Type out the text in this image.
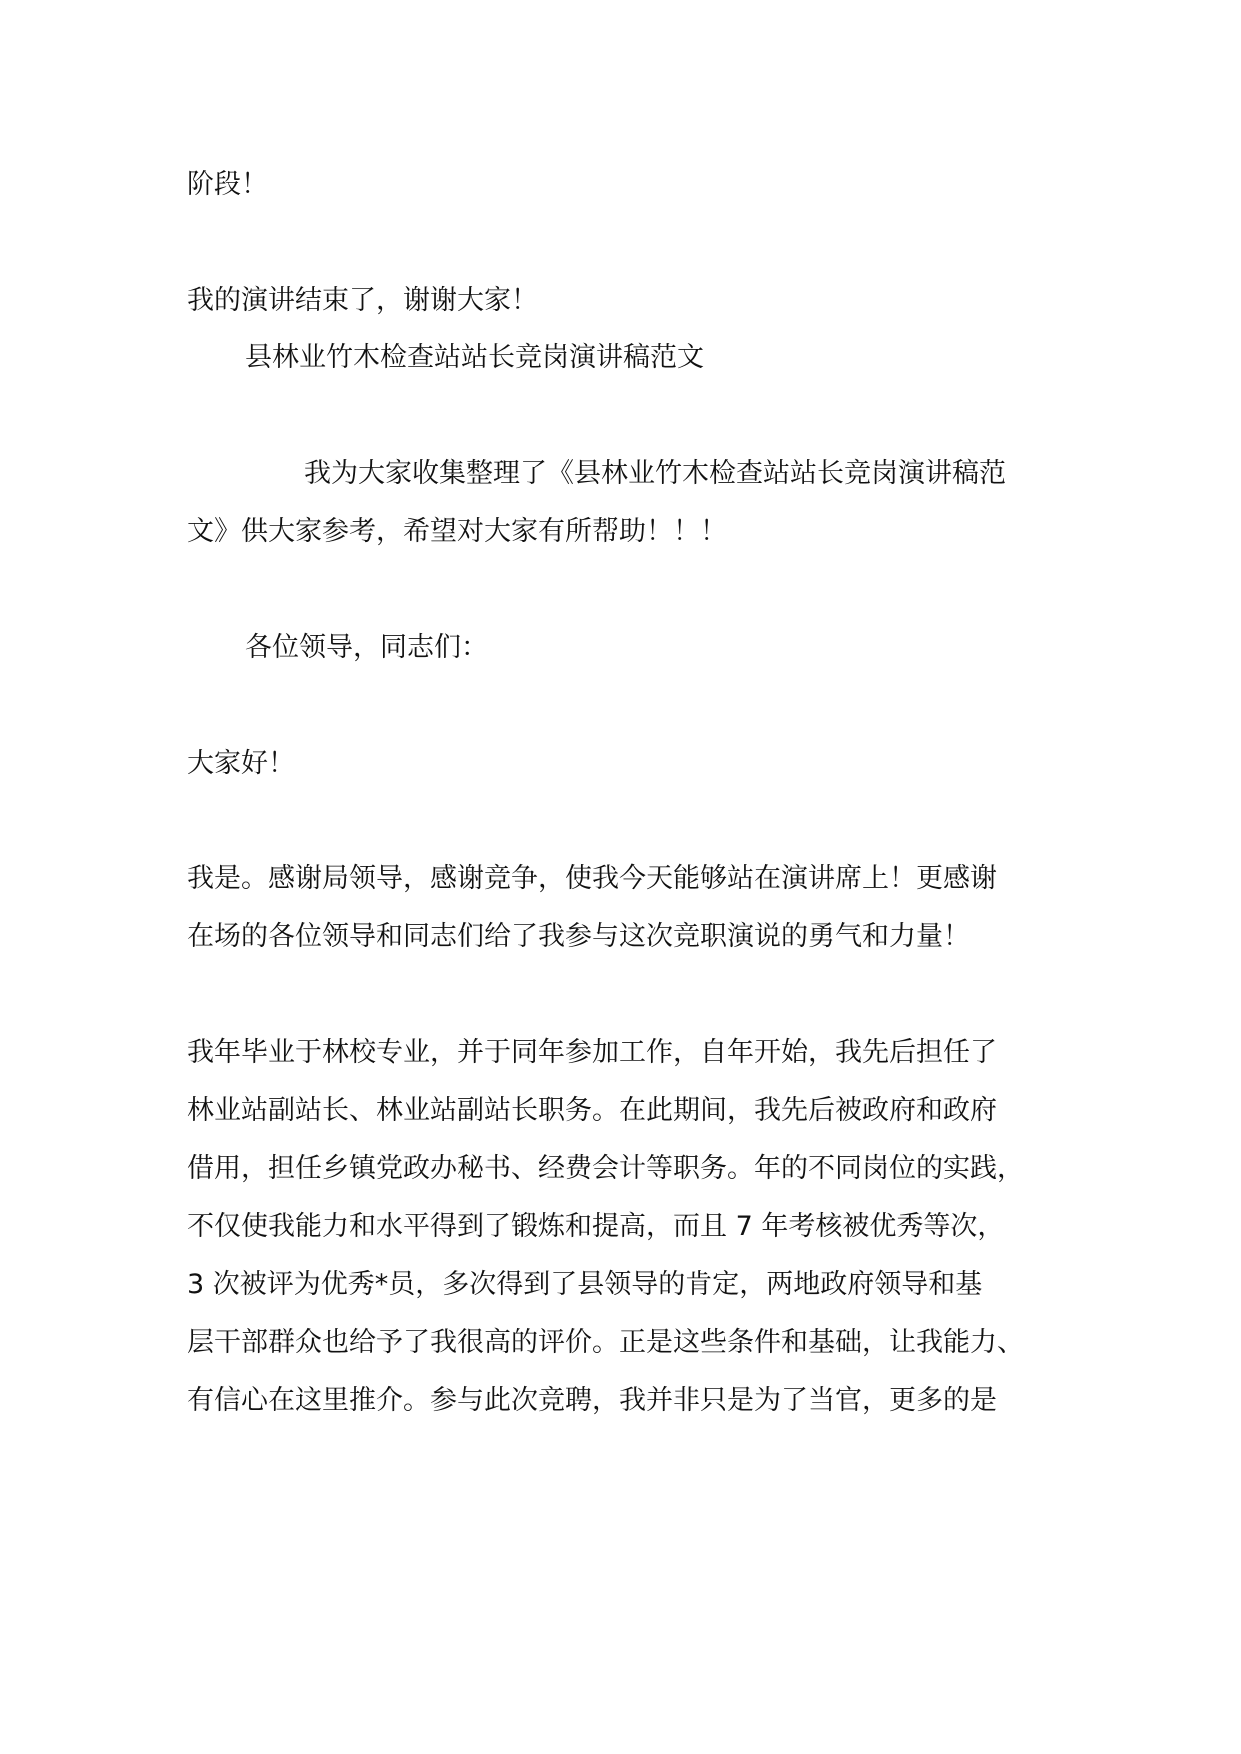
阶段！
我的演讲结束了，谢谢大家！
县林业竹木检查站站长竞岗演讲稿范文
我为大家收集整理了《县林业竹木检查站站长竞岗演讲稿范
文》供大家参考，希望对大家有所帮助！！！
各位领导，同志们：
大家好！
我是。感谢局领导，感谢竞争，使我今天能够站在演讲席上！更感谢
在场的各位领导和同志们给了我参与这次竞职演说的勇气和力量！
我年毕业于林校专业，并于同年参加工作，自年开始，我先后担任了
林业站副站长、林业站副站长职务。在此期间，我先后被政府和政府
借用，担任乡镇党政办秘书、经费会计等职务。年的不同岗位的实践，
不仅使我能力和水平得到了锻炼和提高，而且 7 年考核被优秀等次，
3 次被评为优秀*员，多次得到了县领导的肯定，两地政府领导和基
层干部群众也给予了我很高的评价。正是这些条件和基础，让我能力、
有信心在这里推介。参与此次竞聘，我并非只是为了当官，更多的是
